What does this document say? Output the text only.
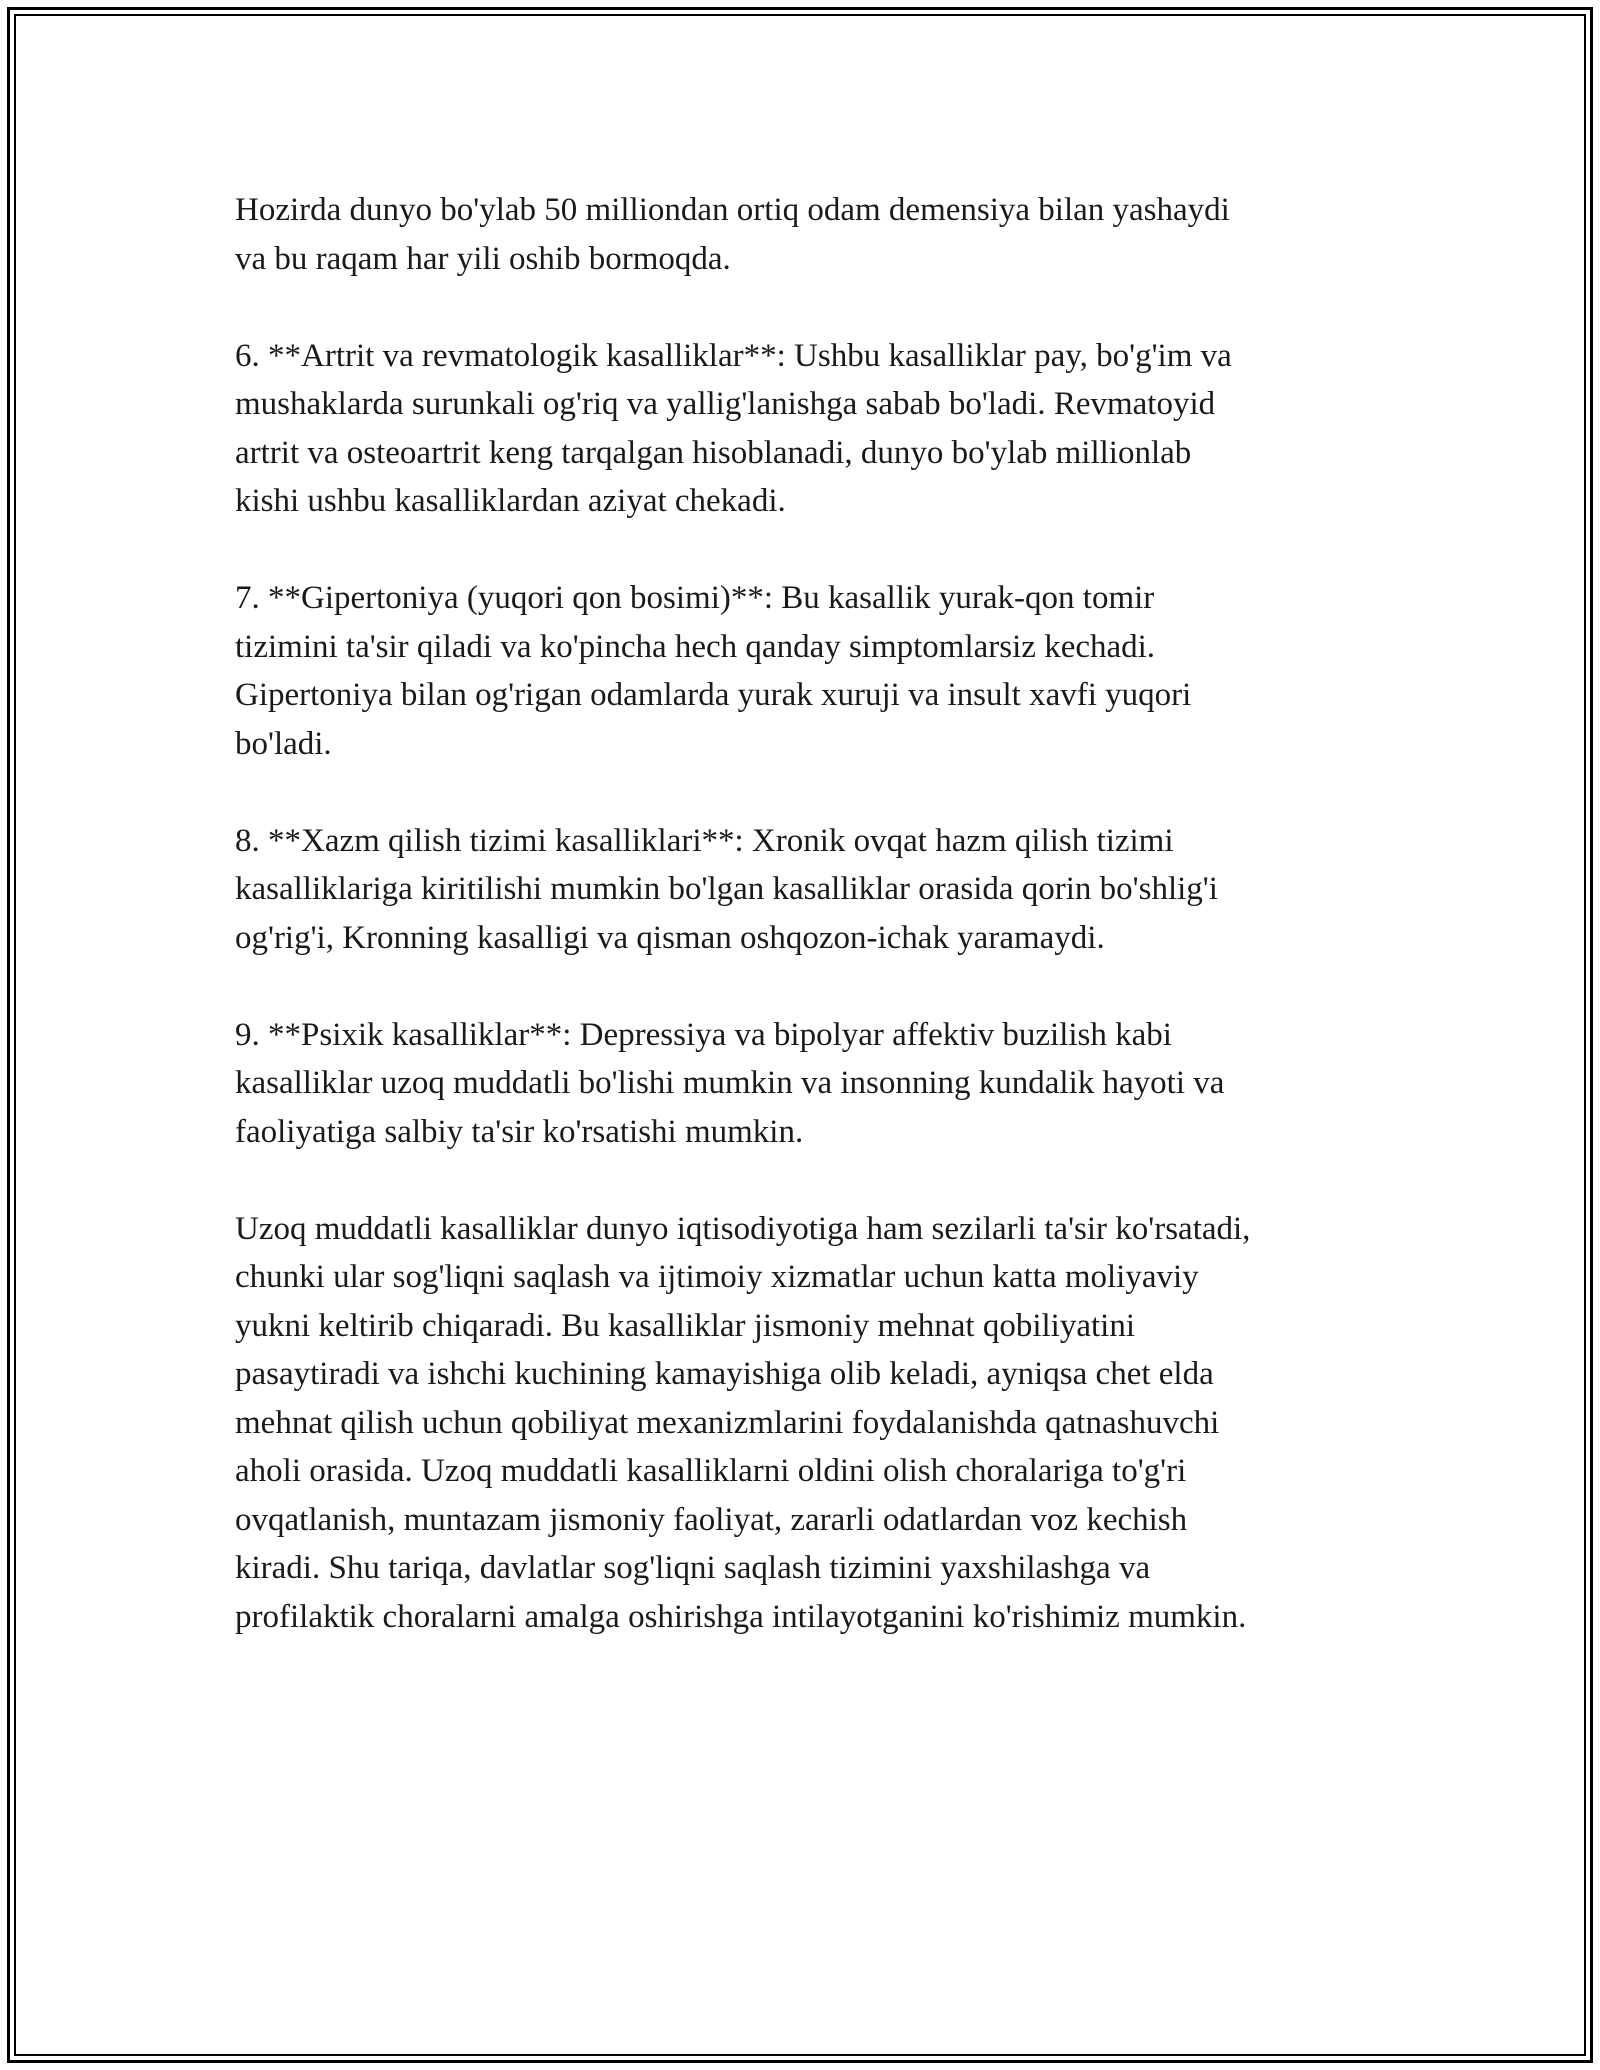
Hozirda dunyo bo'ylab 50 milliondan ortiq odam demensiya bilan yashaydi
va bu raqam har yili oshib bormoqda.

6. **Artrit va revmatologik kasalliklar**: Ushbu kasalliklar pay, bo'g'im va
mushaklarda surunkali og'riq va yallig'lanishga sabab bo'ladi. Revmatoyid
artrit va osteoartrit keng tarqalgan hisoblanadi, dunyo bo'ylab millionlab
kishi ushbu kasalliklardan aziyat chekadi.

7. **Gipertoniya (yuqori qon bosimi)**: Bu kasallik yurak-qon tomir
tizimini ta'sir qiladi va ko'pincha hech qanday simptomlarsiz kechadi.
Gipertoniya bilan og'rigan odamlarda yurak xuruji va insult xavfi yuqori
bo'ladi.

8. **Xazm qilish tizimi kasalliklari**: Xronik ovqat hazm qilish tizimi
kasalliklariga kiritilishi mumkin bo'lgan kasalliklar orasida qorin bo'shlig'i
og'rig'i, Kronning kasalligi va qisman oshqozon-ichak yaramaydi.

9. **Psixik kasalliklar**: Depressiya va bipolyar affektiv buzilish kabi
kasalliklar uzoq muddatli bo'lishi mumkin va insonning kundalik hayoti va
faoliyatiga salbiy ta'sir ko'rsatishi mumkin.

Uzoq muddatli kasalliklar dunyo iqtisodiyotiga ham sezilarli ta'sir ko'rsatadi,
chunki ular sog'liqni saqlash va ijtimoiy xizmatlar uchun katta moliyaviy
yukni keltirib chiqaradi. Bu kasalliklar jismoniy mehnat qobiliyatini
pasaytiradi va ishchi kuchining kamayishiga olib keladi, ayniqsa chet elda
mehnat qilish uchun qobiliyat mexanizmlarini foydalanishda qatnashuvchi
aholi orasida. Uzoq muddatli kasalliklarni oldini olish choralariga to'g'ri
ovqatlanish, muntazam jismoniy faoliyat, zararli odatlardan voz kechish
kiradi. Shu tariqa, davlatlar sog'liqni saqlash tizimini yaxshilashga va
profilaktik choralarni amalga oshirishga intilayotganini ko'rishimiz mumkin.
